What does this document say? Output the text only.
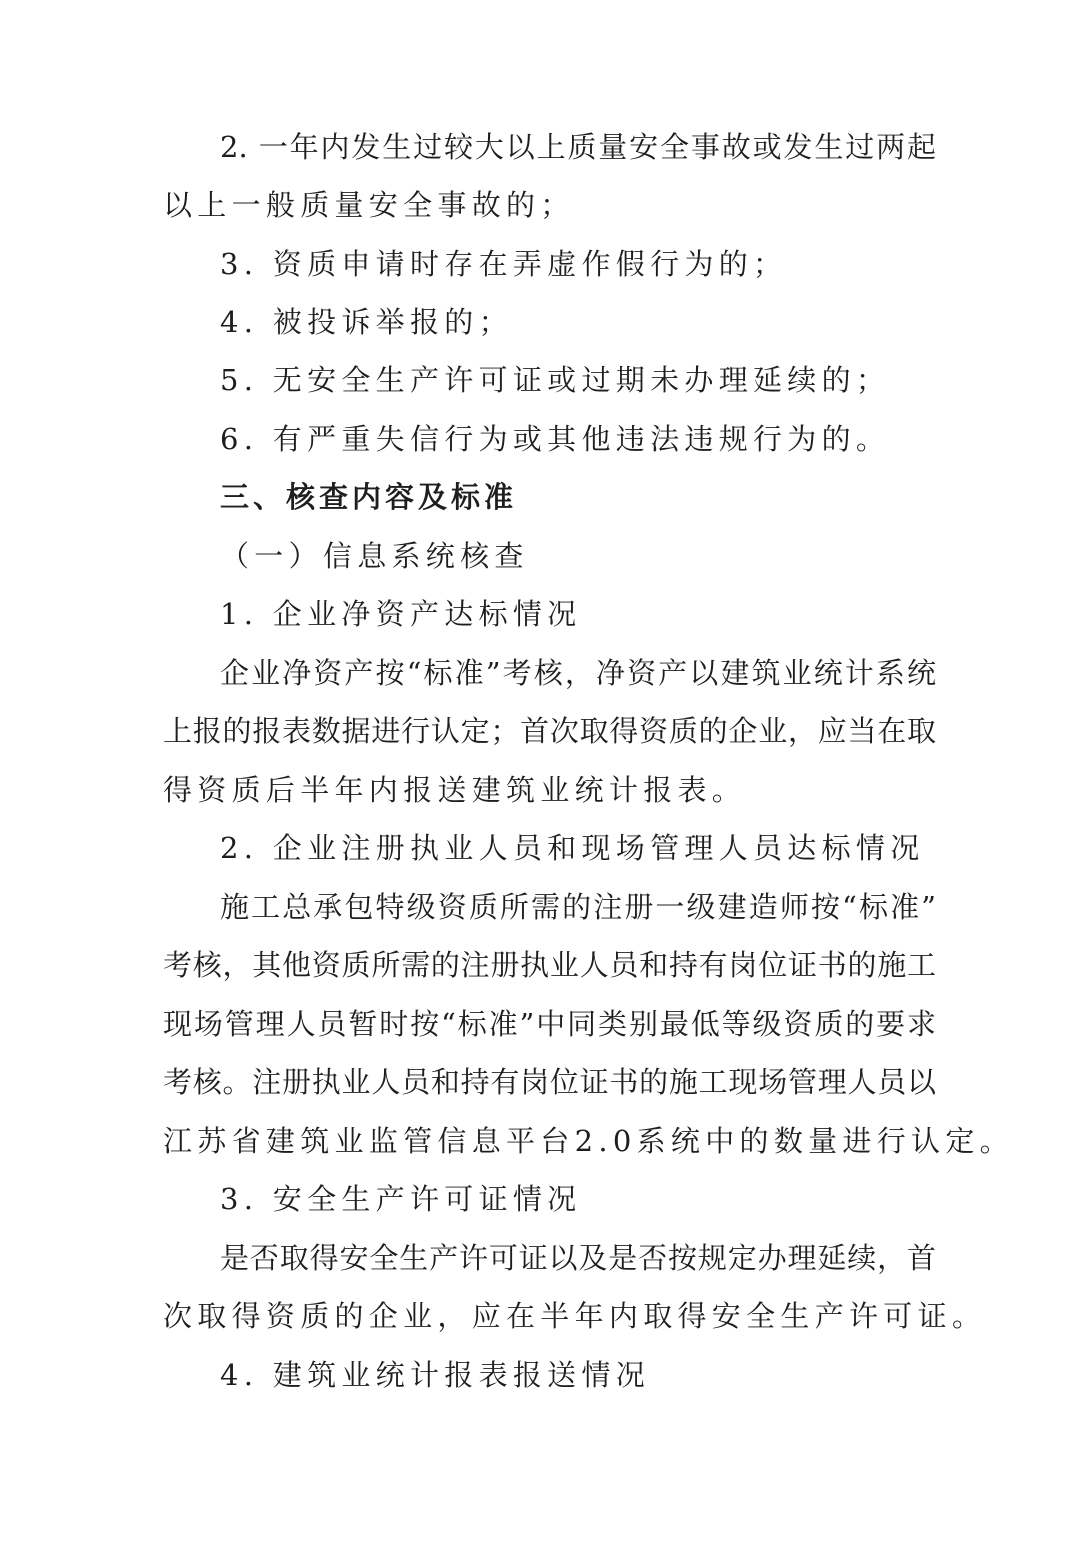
2. 一年内发生过较大以上质量安全事故或发生过两起
以上一般质量安全事故的；
3. 资质申请时存在弄虚作假行为的；
4. 被投诉举报的；
5. 无安全生产许可证或过期未办理延续的；
6. 有严重失信行为或其他违法违规行为的。
三、核查内容及标准
（一）信息系统核查
1. 企业净资产达标情况
企业净资产按“标准”考核，净资产以建筑业统计系统
上报的报表数据进行认定；首次取得资质的企业，应当在取
得资质后半年内报送建筑业统计报表。
2. 企业注册执业人员和现场管理人员达标情况
施工总承包特级资质所需的注册一级建造师按“标准”
考核，其他资质所需的注册执业人员和持有岗位证书的施工
现场管理人员暂时按“标准”中同类别最低等级资质的要求
考核。注册执业人员和持有岗位证书的施工现场管理人员以
江苏省建筑业监管信息平台2.0系统中的数量进行认定。
3. 安全生产许可证情况
是否取得安全生产许可证以及是否按规定办理延续，首
次取得资质的企业，应在半年内取得安全生产许可证。
4. 建筑业统计报表报送情况
